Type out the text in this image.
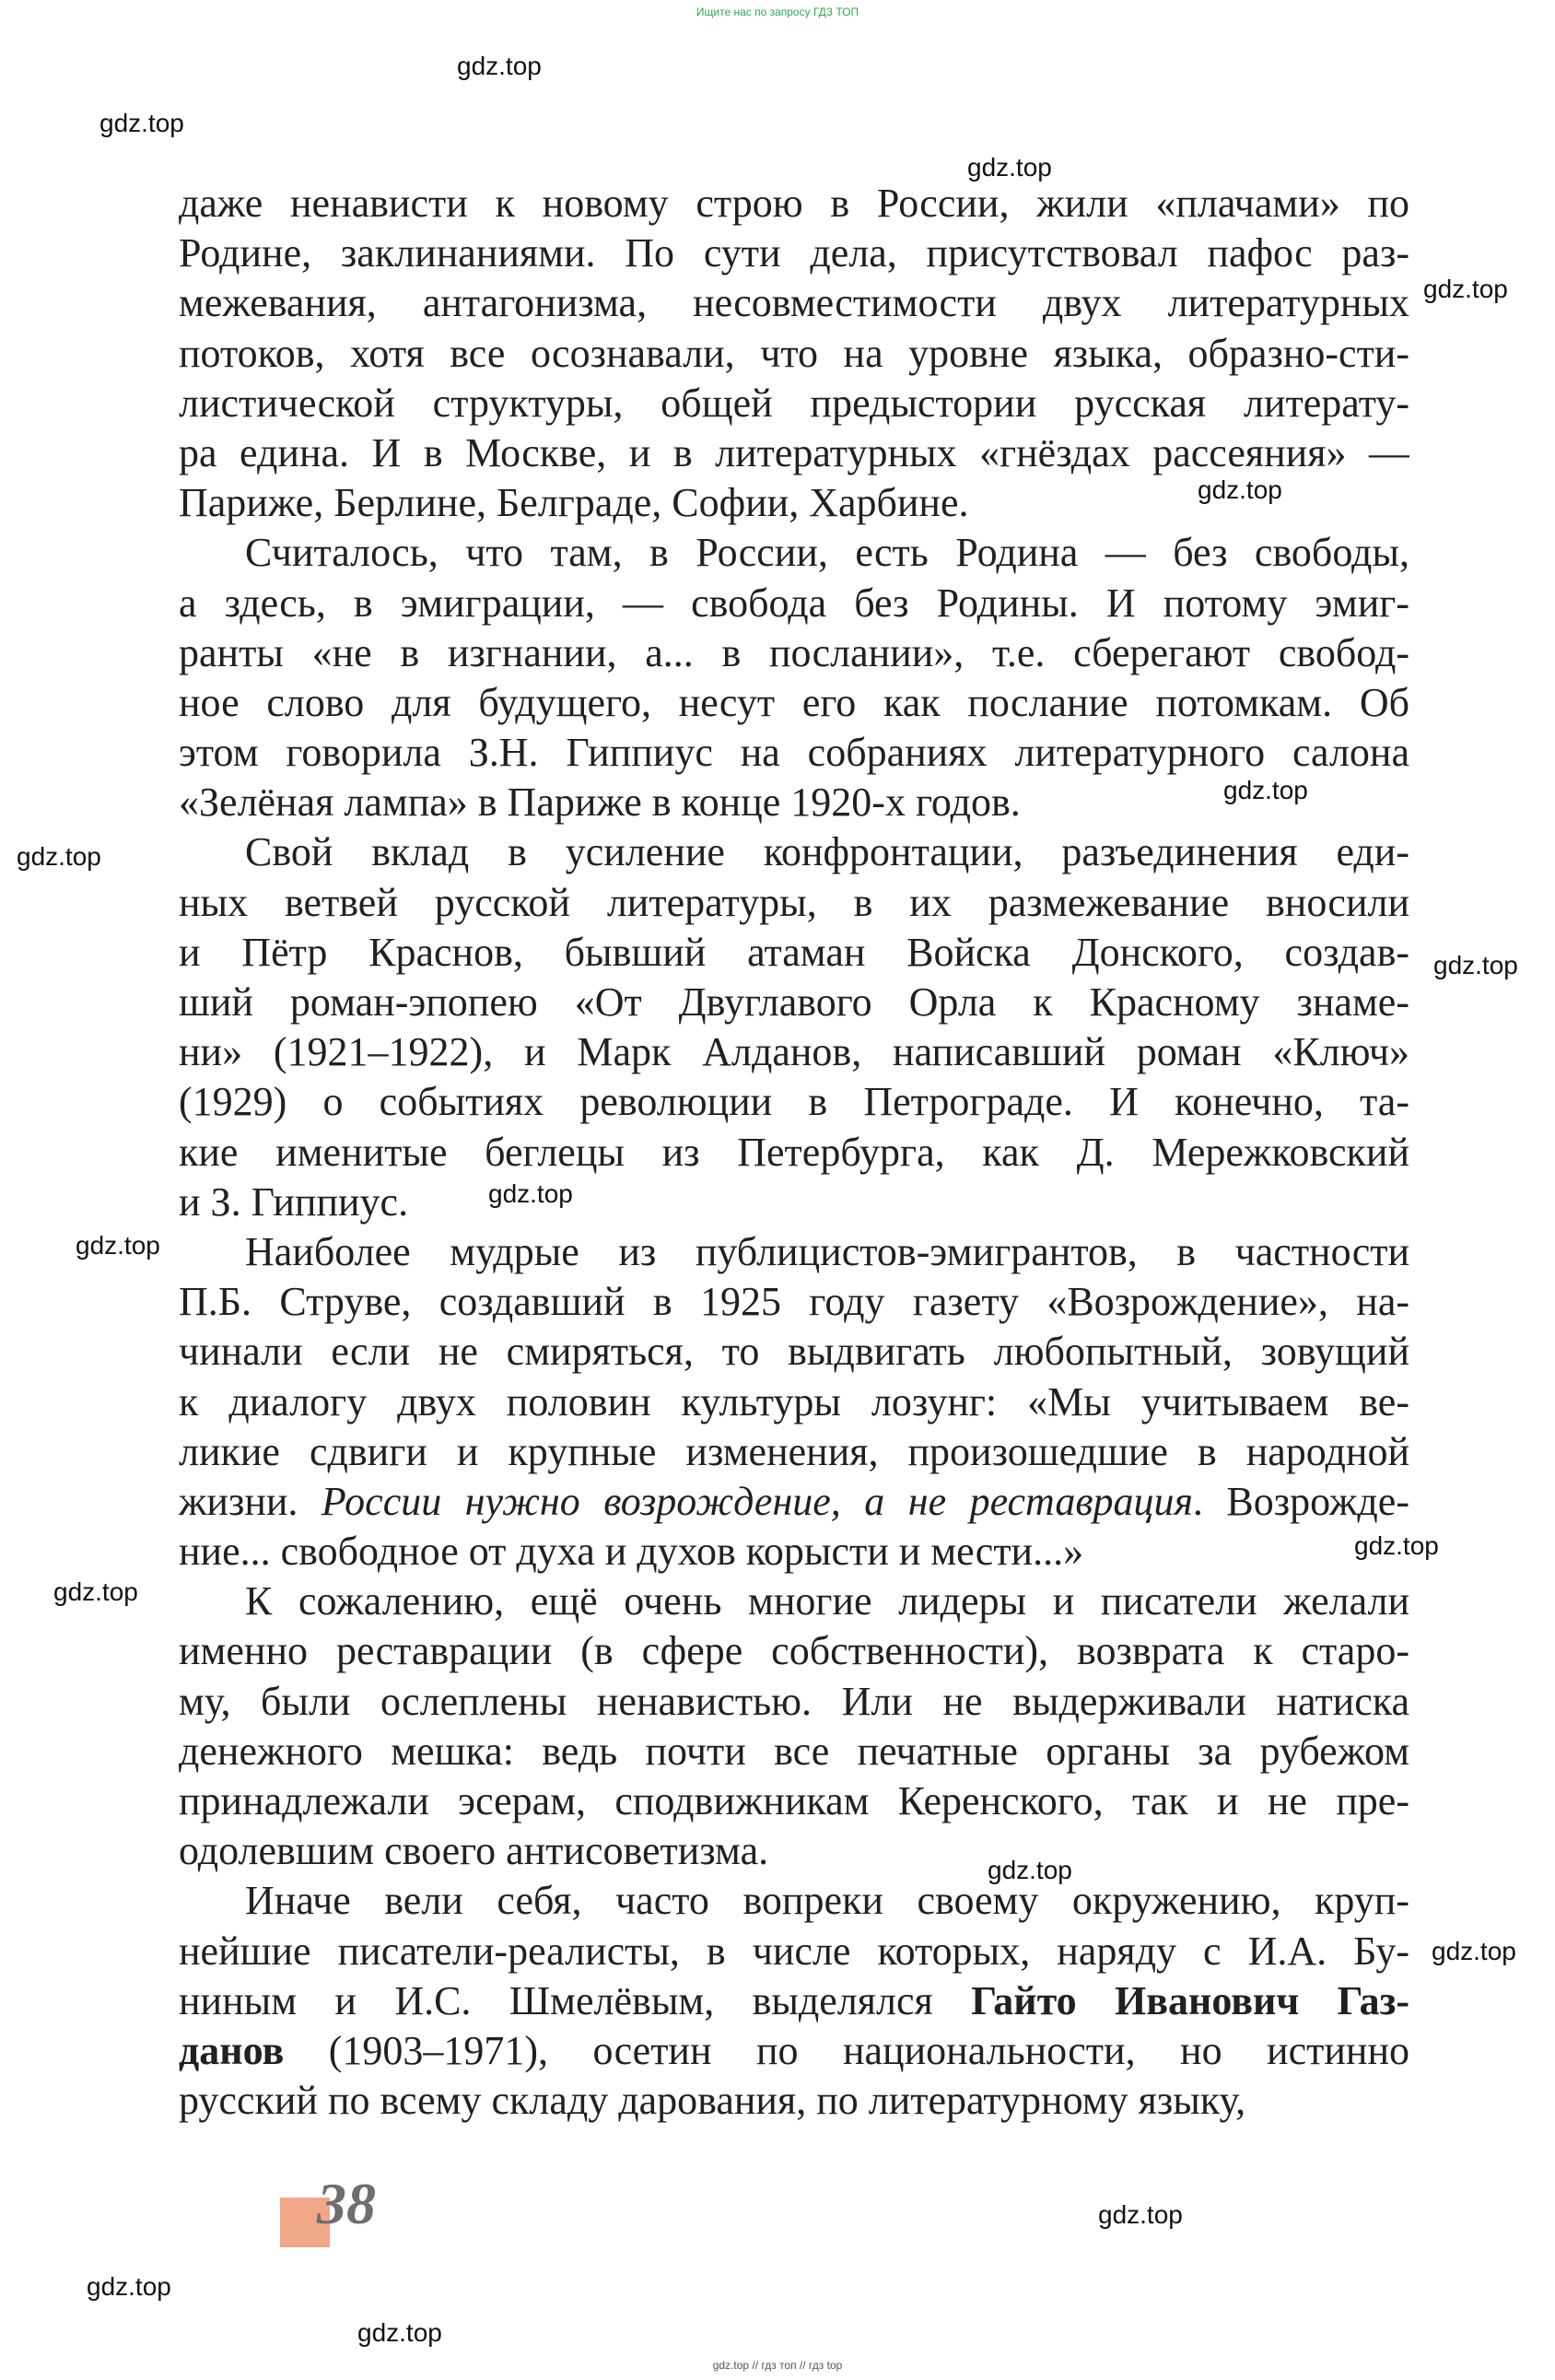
Ищите нас по запросу ГДЗ ТОП
даже ненависти к новому строю в России, жили «плачами» по
Родине, заклинаниями. По сути дела, присутствовал пафос раз-
межевания, антагонизма, несовместимости двух литературных
потоков, хотя все осознавали, что на уровне языка, образно-сти-
листической структуры, общей предыстории русская литерату-
ра едина. И в Москве, и в литературных «гнёздах рассеяния» —
Париже, Берлине, Белграде, Софии, Харбине.
Считалось, что там, в России, есть Родина — без свободы,
а здесь, в эмиграции, — свобода без Родины. И потому эмиг-
ранты «не в изгнании, а... в послании», т.е. сберегают свобод-
ное слово для будущего, несут его как послание потомкам. Об
этом говорила З.Н. Гиппиус на собраниях литературного салона
«Зелёная лампа» в Париже в конце 1920-х годов.
Свой вклад в усиление конфронтации, разъединения еди-
ных ветвей русской литературы, в их размежевание вносили
и Пётр Краснов, бывший атаман Войска Донского, создав-
ший роман-эпопею «От Двуглавого Орла к Красному знаме-
ни» (1921–1922), и Марк Алданов, написавший роман «Ключ»
(1929) о событиях революции в Петрограде. И конечно, та-
кие именитые беглецы из Петербурга, как Д. Мережковский
и З. Гиппиус.
Наиболее мудрые из публицистов-эмигрантов, в частности
П.Б. Струве, создавший в 1925 году газету «Возрождение», на-
чинали если не смиряться, то выдвигать любопытный, зовущий
к диалогу двух половин культуры лозунг: «Мы учитываем ве-
ликие сдвиги и крупные изменения, произошедшие в народной
жизни. России нужно возрождение, а не реставрация. Возрожде-
ние... свободное от духа и духов корысти и мести...»
К сожалению, ещё очень многие лидеры и писатели желали
именно реставрации (в сфере собственности), возврата к старо-
му, были ослеплены ненавистью. Или не выдерживали натиска
денежного мешка: ведь почти все печатные органы за рубежом
принадлежали эсерам, сподвижникам Керенского, так и не пре-
одолевшим своего антисоветизма.
Иначе вели себя, часто вопреки своему окружению, круп-
нейшие писатели-реалисты, в числе которых, наряду с И.А. Бу-
ниным и И.С. Шмелёвым, выделялся Гайто Иванович Газ-
данов (1903–1971), осетин по национальности, но истинно
русский по всему складу дарования, по литературному языку,
gdz.top
gdz.top
gdz.top
gdz.top
gdz.top
gdz.top
gdz.top
gdz.top
gdz.top
gdz.top
gdz.top
gdz.top
gdz.top
gdz.top
gdz.top
gdz.top
gdz.top
38
gdz.top // гдз топ // гдз top
